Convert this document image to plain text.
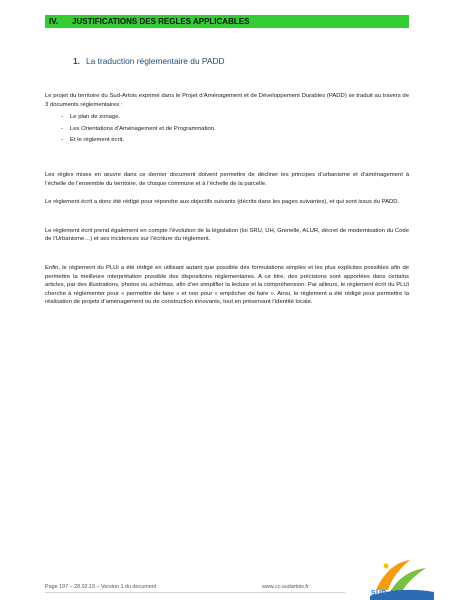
IV. JUSTIFICATIONS DES REGLES APPLICABLES
1. La traduction réglementaire du PADD

Le projet du territoire du Sud-Artois exprimé dans le Projet d’Aménagement et de Développement Durables (PADD) se traduit au travers de 3 documents réglementaires :

- Le plan de zonage.
- Les Orientations d’Aménagement et de Programmation.
- Et le règlement écrit.

Les règles mises en œuvre dans ce dernier document doivent permettre de décliner les principes d’urbanisme et d’aménagement à l’échelle de l’ensemble du territoire, de chaque commune et à l’échelle de la parcelle.

Le règlement écrit a donc été rédigé pour répondre aux objectifs suivants (décrits dans les pages suivantes), et qui sont issus du PADD.

Le règlement écrit prend également en compte l’évolution de la législation (loi SRU, UH, Grenelle, ALUR, décret de modernisation du Code de l’Urbanisme…) et ses incidences sur l’écriture du règlement.

Enfin, le règlement du PLUi a été rédigé en utilisant autant que possible des formulations simples et les plus explicites possibles afin de permettre la meilleure interprétation possible des dispositions réglementaires. A ce titre, des précisions sont apportées dans certains articles, par des illustrations, photos ou schémas, afin d’en simplifier la lecture et la compréhension. Par ailleurs, le règlement écrit du PLUi cherche à réglementer pour « permettre de faire » et non pour « empêcher de faire ». Ainsi, le règlement a été rédigé pour permettre la réalisation de projets d’aménagement ou de construction innovants, tout en préservant l’identité locale.

Page 197 – 28.02.19 – Version 1 du document	www.cc-sudartois.fr
SUD-ARTOIS
